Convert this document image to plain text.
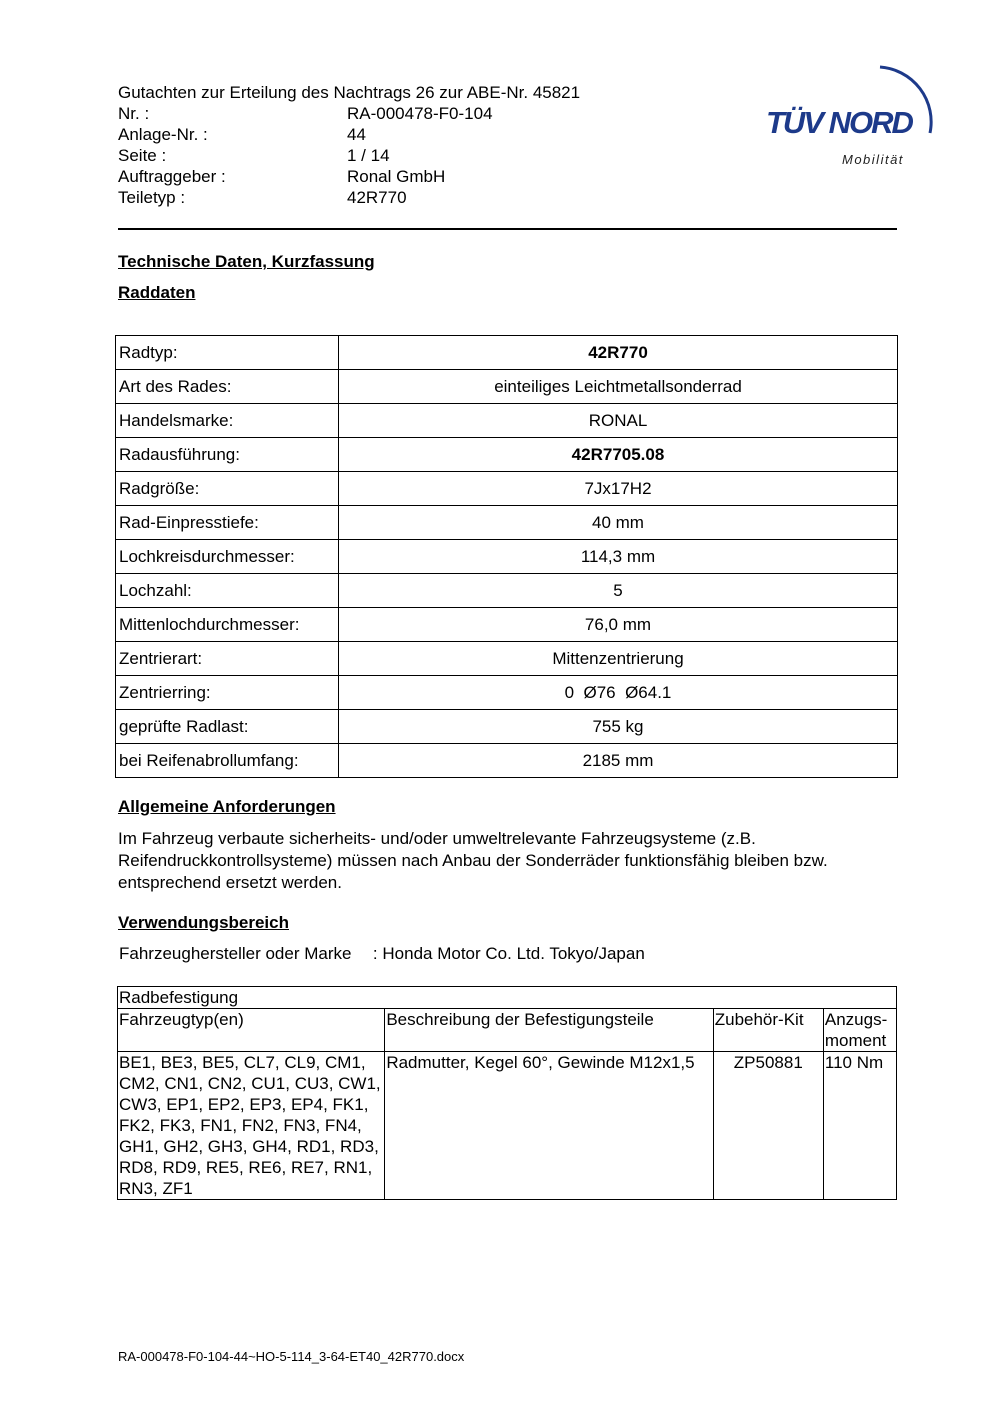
Gutachten zur Erteilung des Nachtrags 26 zur ABE-Nr. 45821
Nr. :	RA-000478-F0-104
Anlage-Nr. :	44
Seite :	1 / 14
Auftraggeber :	Ronal GmbH
Teiletyp :	42R770
TÜV NORD
Mobilität
Technische Daten, Kurzfassung
Raddaten
Radtyp:	42R770
Art des Rades:	einteiliges Leichtmetallsonderrad
Handelsmarke:	RONAL
Radausführung:	42R7705.08
Radgröße:	7Jx17H2
Rad-Einpresstiefe:	40 mm
Lochkreisdurchmesser:	114,3 mm
Lochzahl:	5
Mittenlochdurchmesser:	76,0 mm
Zentrierart:	Mittenzentrierung
Zentrierring:	0  Ø76  Ø64.1
geprüfte Radlast:	755 kg
bei Reifenabrollumfang:	2185 mm
Allgemeine Anforderungen
Im Fahrzeug verbaute sicherheits- und/oder umweltrelevante Fahrzeugsysteme (z.B. Reifendruckkontrollsysteme) müssen nach Anbau der Sonderräder funktionsfähig bleiben bzw. entsprechend ersetzt werden.
Verwendungsbereich
Fahrzeughersteller oder Marke : Honda Motor Co. Ltd. Tokyo/Japan
Radbefestigung			
Fahrzeugtyp(en)	Beschreibung der Befestigungsteile	Zubehör-Kit	Anzugs- moment
BE1, BE3, BE5, CL7, CL9, CM1, CM2, CN1, CN2, CU1, CU3, CW1, CW3, EP1, EP2, EP3, EP4, FK1, FK2, FK3, FN1, FN2, FN3, FN4, GH1, GH2, GH3, GH4, RD1, RD3, RD8, RD9, RE5, RE6, RE7, RN1, RN3, ZF1	Radmutter, Kegel 60°, Gewinde M12x1,5	ZP50881	110 Nm
RA-000478-F0-104-44~HO-5-114_3-64-ET40_42R770.docx
